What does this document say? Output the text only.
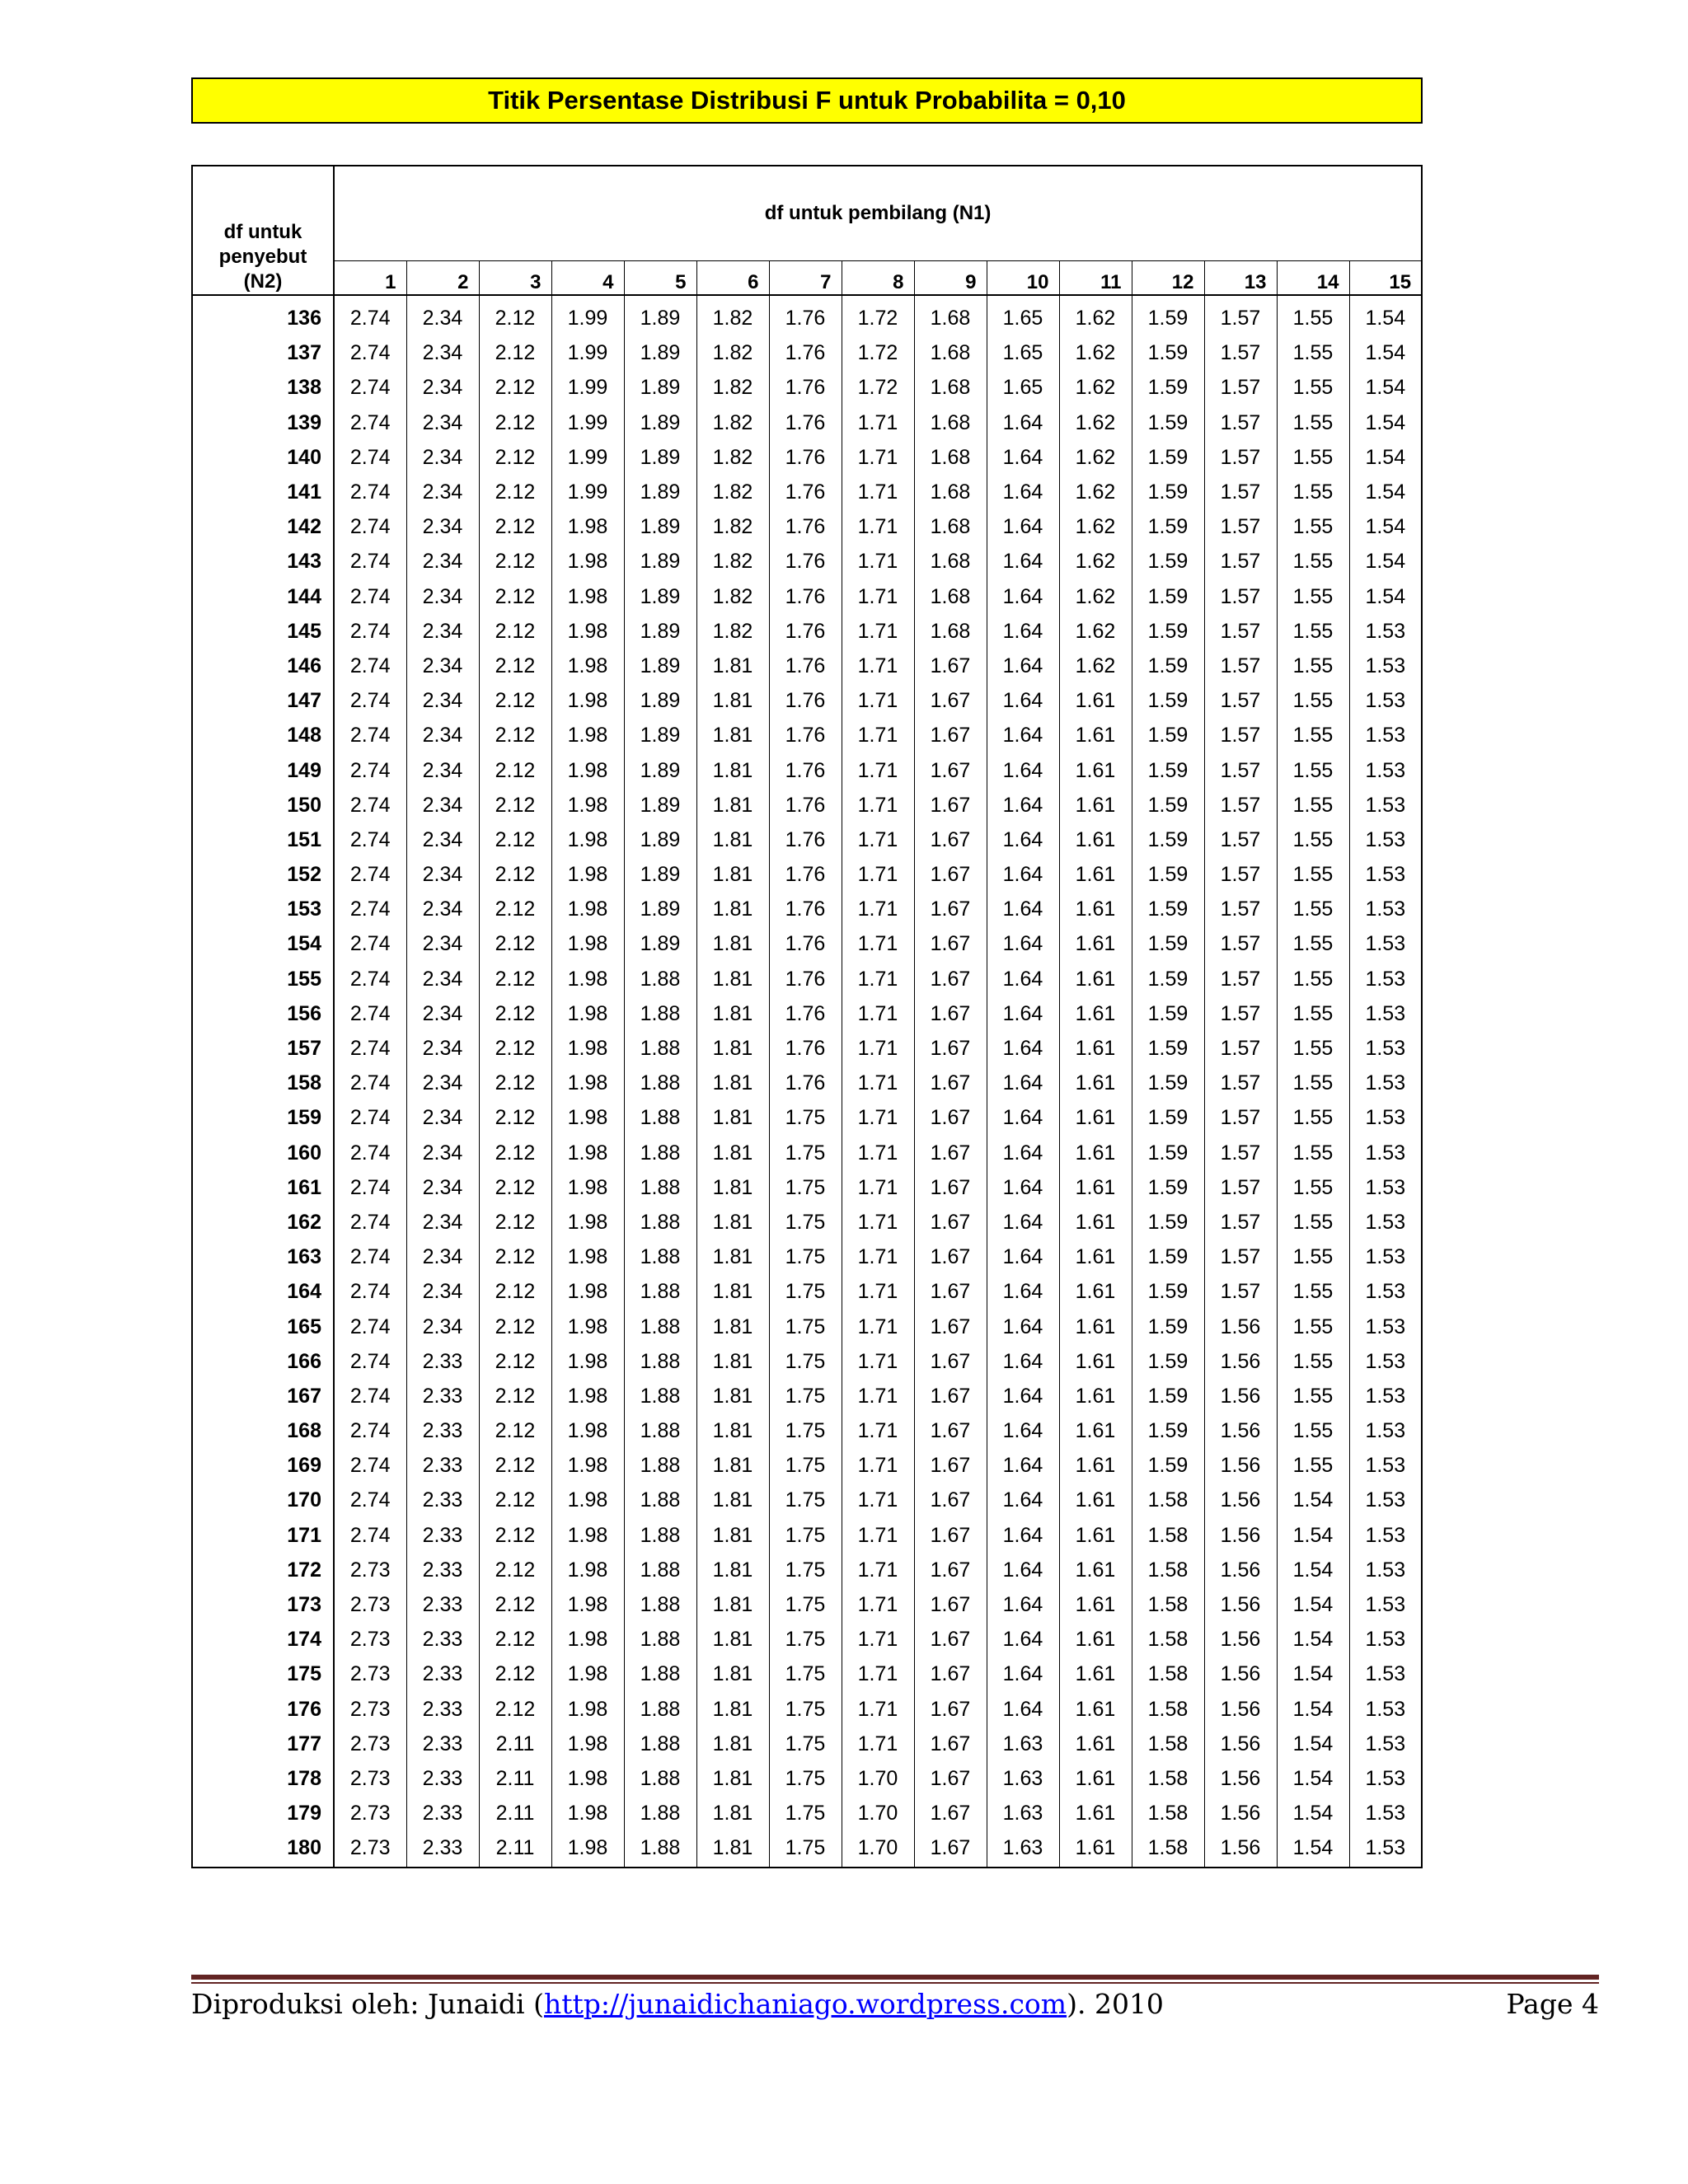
Titik Persentase Distribusi F untuk Probabilita = 0,10
df untuk
penyebut
(N2)	df untuk pembilang (N1)														
	1	2	3	4	5	6	7	8	9	10	11	12	13	14	15
136	2.74	2.34	2.12	1.99	1.89	1.82	1.76	1.72	1.68	1.65	1.62	1.59	1.57	1.55	1.54
137	2.74	2.34	2.12	1.99	1.89	1.82	1.76	1.72	1.68	1.65	1.62	1.59	1.57	1.55	1.54
138	2.74	2.34	2.12	1.99	1.89	1.82	1.76	1.72	1.68	1.65	1.62	1.59	1.57	1.55	1.54
139	2.74	2.34	2.12	1.99	1.89	1.82	1.76	1.71	1.68	1.64	1.62	1.59	1.57	1.55	1.54
140	2.74	2.34	2.12	1.99	1.89	1.82	1.76	1.71	1.68	1.64	1.62	1.59	1.57	1.55	1.54
141	2.74	2.34	2.12	1.99	1.89	1.82	1.76	1.71	1.68	1.64	1.62	1.59	1.57	1.55	1.54
142	2.74	2.34	2.12	1.98	1.89	1.82	1.76	1.71	1.68	1.64	1.62	1.59	1.57	1.55	1.54
143	2.74	2.34	2.12	1.98	1.89	1.82	1.76	1.71	1.68	1.64	1.62	1.59	1.57	1.55	1.54
144	2.74	2.34	2.12	1.98	1.89	1.82	1.76	1.71	1.68	1.64	1.62	1.59	1.57	1.55	1.54
145	2.74	2.34	2.12	1.98	1.89	1.82	1.76	1.71	1.68	1.64	1.62	1.59	1.57	1.55	1.53
146	2.74	2.34	2.12	1.98	1.89	1.81	1.76	1.71	1.67	1.64	1.62	1.59	1.57	1.55	1.53
147	2.74	2.34	2.12	1.98	1.89	1.81	1.76	1.71	1.67	1.64	1.61	1.59	1.57	1.55	1.53
148	2.74	2.34	2.12	1.98	1.89	1.81	1.76	1.71	1.67	1.64	1.61	1.59	1.57	1.55	1.53
149	2.74	2.34	2.12	1.98	1.89	1.81	1.76	1.71	1.67	1.64	1.61	1.59	1.57	1.55	1.53
150	2.74	2.34	2.12	1.98	1.89	1.81	1.76	1.71	1.67	1.64	1.61	1.59	1.57	1.55	1.53
151	2.74	2.34	2.12	1.98	1.89	1.81	1.76	1.71	1.67	1.64	1.61	1.59	1.57	1.55	1.53
152	2.74	2.34	2.12	1.98	1.89	1.81	1.76	1.71	1.67	1.64	1.61	1.59	1.57	1.55	1.53
153	2.74	2.34	2.12	1.98	1.89	1.81	1.76	1.71	1.67	1.64	1.61	1.59	1.57	1.55	1.53
154	2.74	2.34	2.12	1.98	1.89	1.81	1.76	1.71	1.67	1.64	1.61	1.59	1.57	1.55	1.53
155	2.74	2.34	2.12	1.98	1.88	1.81	1.76	1.71	1.67	1.64	1.61	1.59	1.57	1.55	1.53
156	2.74	2.34	2.12	1.98	1.88	1.81	1.76	1.71	1.67	1.64	1.61	1.59	1.57	1.55	1.53
157	2.74	2.34	2.12	1.98	1.88	1.81	1.76	1.71	1.67	1.64	1.61	1.59	1.57	1.55	1.53
158	2.74	2.34	2.12	1.98	1.88	1.81	1.76	1.71	1.67	1.64	1.61	1.59	1.57	1.55	1.53
159	2.74	2.34	2.12	1.98	1.88	1.81	1.75	1.71	1.67	1.64	1.61	1.59	1.57	1.55	1.53
160	2.74	2.34	2.12	1.98	1.88	1.81	1.75	1.71	1.67	1.64	1.61	1.59	1.57	1.55	1.53
161	2.74	2.34	2.12	1.98	1.88	1.81	1.75	1.71	1.67	1.64	1.61	1.59	1.57	1.55	1.53
162	2.74	2.34	2.12	1.98	1.88	1.81	1.75	1.71	1.67	1.64	1.61	1.59	1.57	1.55	1.53
163	2.74	2.34	2.12	1.98	1.88	1.81	1.75	1.71	1.67	1.64	1.61	1.59	1.57	1.55	1.53
164	2.74	2.34	2.12	1.98	1.88	1.81	1.75	1.71	1.67	1.64	1.61	1.59	1.57	1.55	1.53
165	2.74	2.34	2.12	1.98	1.88	1.81	1.75	1.71	1.67	1.64	1.61	1.59	1.56	1.55	1.53
166	2.74	2.33	2.12	1.98	1.88	1.81	1.75	1.71	1.67	1.64	1.61	1.59	1.56	1.55	1.53
167	2.74	2.33	2.12	1.98	1.88	1.81	1.75	1.71	1.67	1.64	1.61	1.59	1.56	1.55	1.53
168	2.74	2.33	2.12	1.98	1.88	1.81	1.75	1.71	1.67	1.64	1.61	1.59	1.56	1.55	1.53
169	2.74	2.33	2.12	1.98	1.88	1.81	1.75	1.71	1.67	1.64	1.61	1.59	1.56	1.55	1.53
170	2.74	2.33	2.12	1.98	1.88	1.81	1.75	1.71	1.67	1.64	1.61	1.58	1.56	1.54	1.53
171	2.74	2.33	2.12	1.98	1.88	1.81	1.75	1.71	1.67	1.64	1.61	1.58	1.56	1.54	1.53
172	2.73	2.33	2.12	1.98	1.88	1.81	1.75	1.71	1.67	1.64	1.61	1.58	1.56	1.54	1.53
173	2.73	2.33	2.12	1.98	1.88	1.81	1.75	1.71	1.67	1.64	1.61	1.58	1.56	1.54	1.53
174	2.73	2.33	2.12	1.98	1.88	1.81	1.75	1.71	1.67	1.64	1.61	1.58	1.56	1.54	1.53
175	2.73	2.33	2.12	1.98	1.88	1.81	1.75	1.71	1.67	1.64	1.61	1.58	1.56	1.54	1.53
176	2.73	2.33	2.12	1.98	1.88	1.81	1.75	1.71	1.67	1.64	1.61	1.58	1.56	1.54	1.53
177	2.73	2.33	2.11	1.98	1.88	1.81	1.75	1.71	1.67	1.63	1.61	1.58	1.56	1.54	1.53
178	2.73	2.33	2.11	1.98	1.88	1.81	1.75	1.70	1.67	1.63	1.61	1.58	1.56	1.54	1.53
179	2.73	2.33	2.11	1.98	1.88	1.81	1.75	1.70	1.67	1.63	1.61	1.58	1.56	1.54	1.53
180	2.73	2.33	2.11	1.98	1.88	1.81	1.75	1.70	1.67	1.63	1.61	1.58	1.56	1.54	1.53
Diproduksi oleh: Junaidi (http://junaidichaniago.wordpress.com). 2010	Page 4
